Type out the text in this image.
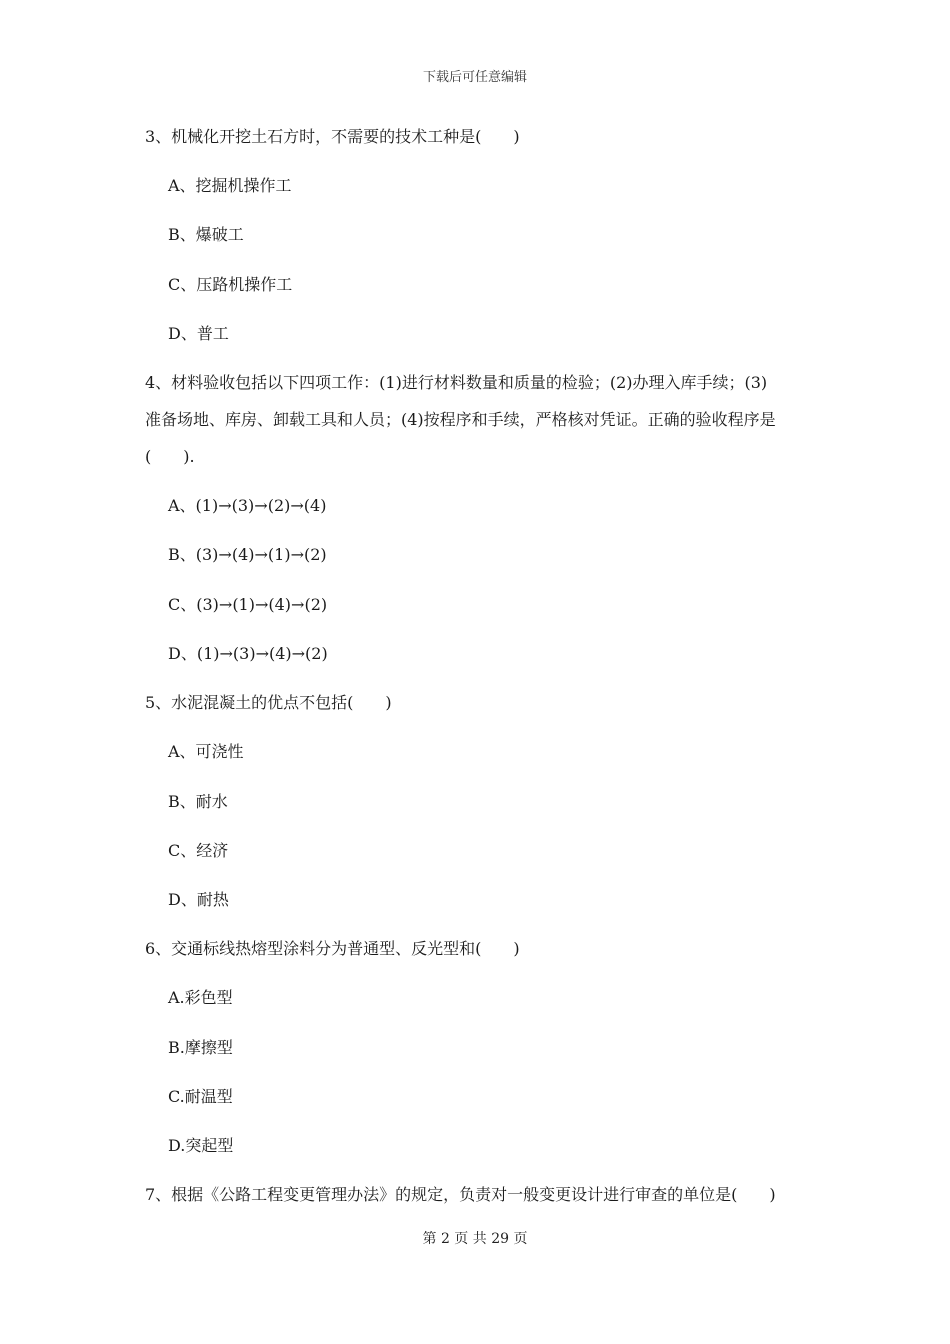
下载后可任意编辑
3、机械化开挖土石方时，不需要的技术工种是(　　)
A、挖掘机操作工
B、爆破工
C、压路机操作工
D、普工
4、材料验收包括以下四项工作：(1)进行材料数量和质量的检验；(2)办理入库手续；(3)
准备场地、库房、卸载工具和人员；(4)按程序和手续，严格核对凭证。正确的验收程序是
(　　).
A、(1)→(3)→(2)→(4)
B、(3)→(4)→(1)→(2)
C、(3)→(1)→(4)→(2)
D、(1)→(3)→(4)→(2)
5、水泥混凝土的优点不包括(　　)
A、可浇性
B、耐水
C、经济
D、耐热
6、交通标线热熔型涂料分为普通型、反光型和(　　)
A.彩色型
B.摩擦型
C.耐温型
D.突起型
7、根据《公路工程变更管理办法》的规定，负责对一般变更设计进行审查的单位是(　　)
第 2 页 共 29 页
